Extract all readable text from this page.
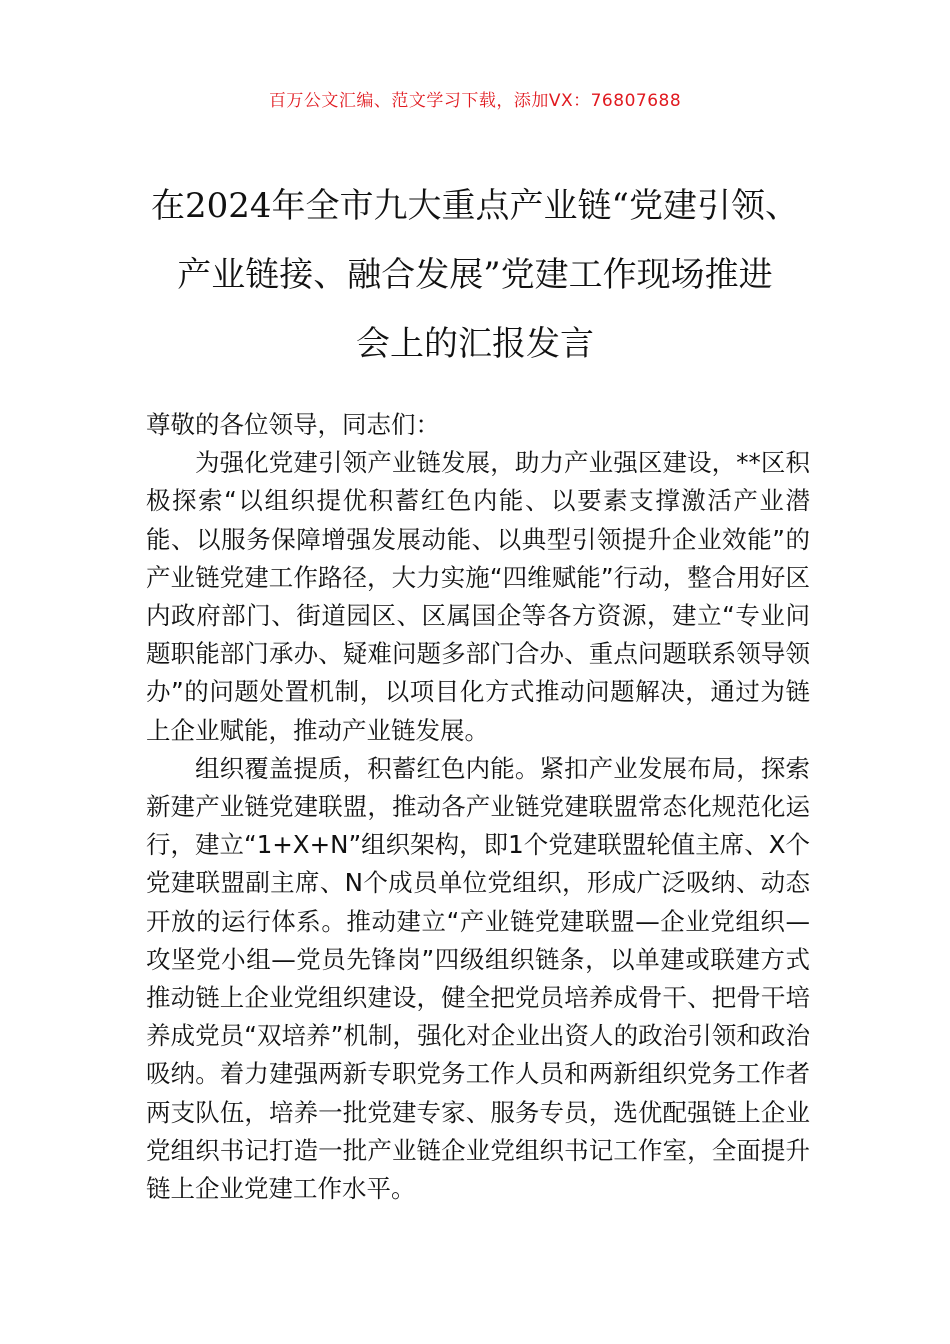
百万公文汇编、范文学习下载，添加VX：76807688
在2024年全市九大重点产业链“党建引领、
产业链接、融合发展”党建工作现场推进
会上的汇报发言

尊敬的各位领导，同志们：

为强化党建引领产业链发展，助力产业强区建设，**区积极探索“以组织提优积蓄红色内能、以要素支撑激活产业潜能、以服务保障增强发展动能、以典型引领提升企业效能”的产业链党建工作路径，大力实施“四维赋能”行动，整合用好区内政府部门、街道园区、区属国企等各方资源，建立“专业问题职能部门承办、疑难问题多部门合办、重点问题联系领导领办”的问题处置机制，以项目化方式推动问题解决，通过为链上企业赋能，推动产业链发展。

组织覆盖提质，积蓄红色内能。紧扣产业发展布局，探索新建产业链党建联盟，推动各产业链党建联盟常态化规范化运行，建立“1+X+N”组织架构，即1个党建联盟轮值主席、X个党建联盟副主席、N个成员单位党组织，形成广泛吸纳、动态开放的运行体系。推动建立“产业链党建联盟—企业党组织—攻坚党小组—党员先锋岗”四级组织链条，以单建或联建方式推动链上企业党组织建设，健全把党员培养成骨干、把骨干培养成党员“双培养”机制，强化对企业出资人的政治引领和政治吸纳。着力建强两新专职党务工作人员和两新组织党务工作者两支队伍，培养一批党建专家、服务专员，选优配强链上企业党组织书记打造一批产业链企业党组织书记工作室，全面提升链上企业党建工作水平。
